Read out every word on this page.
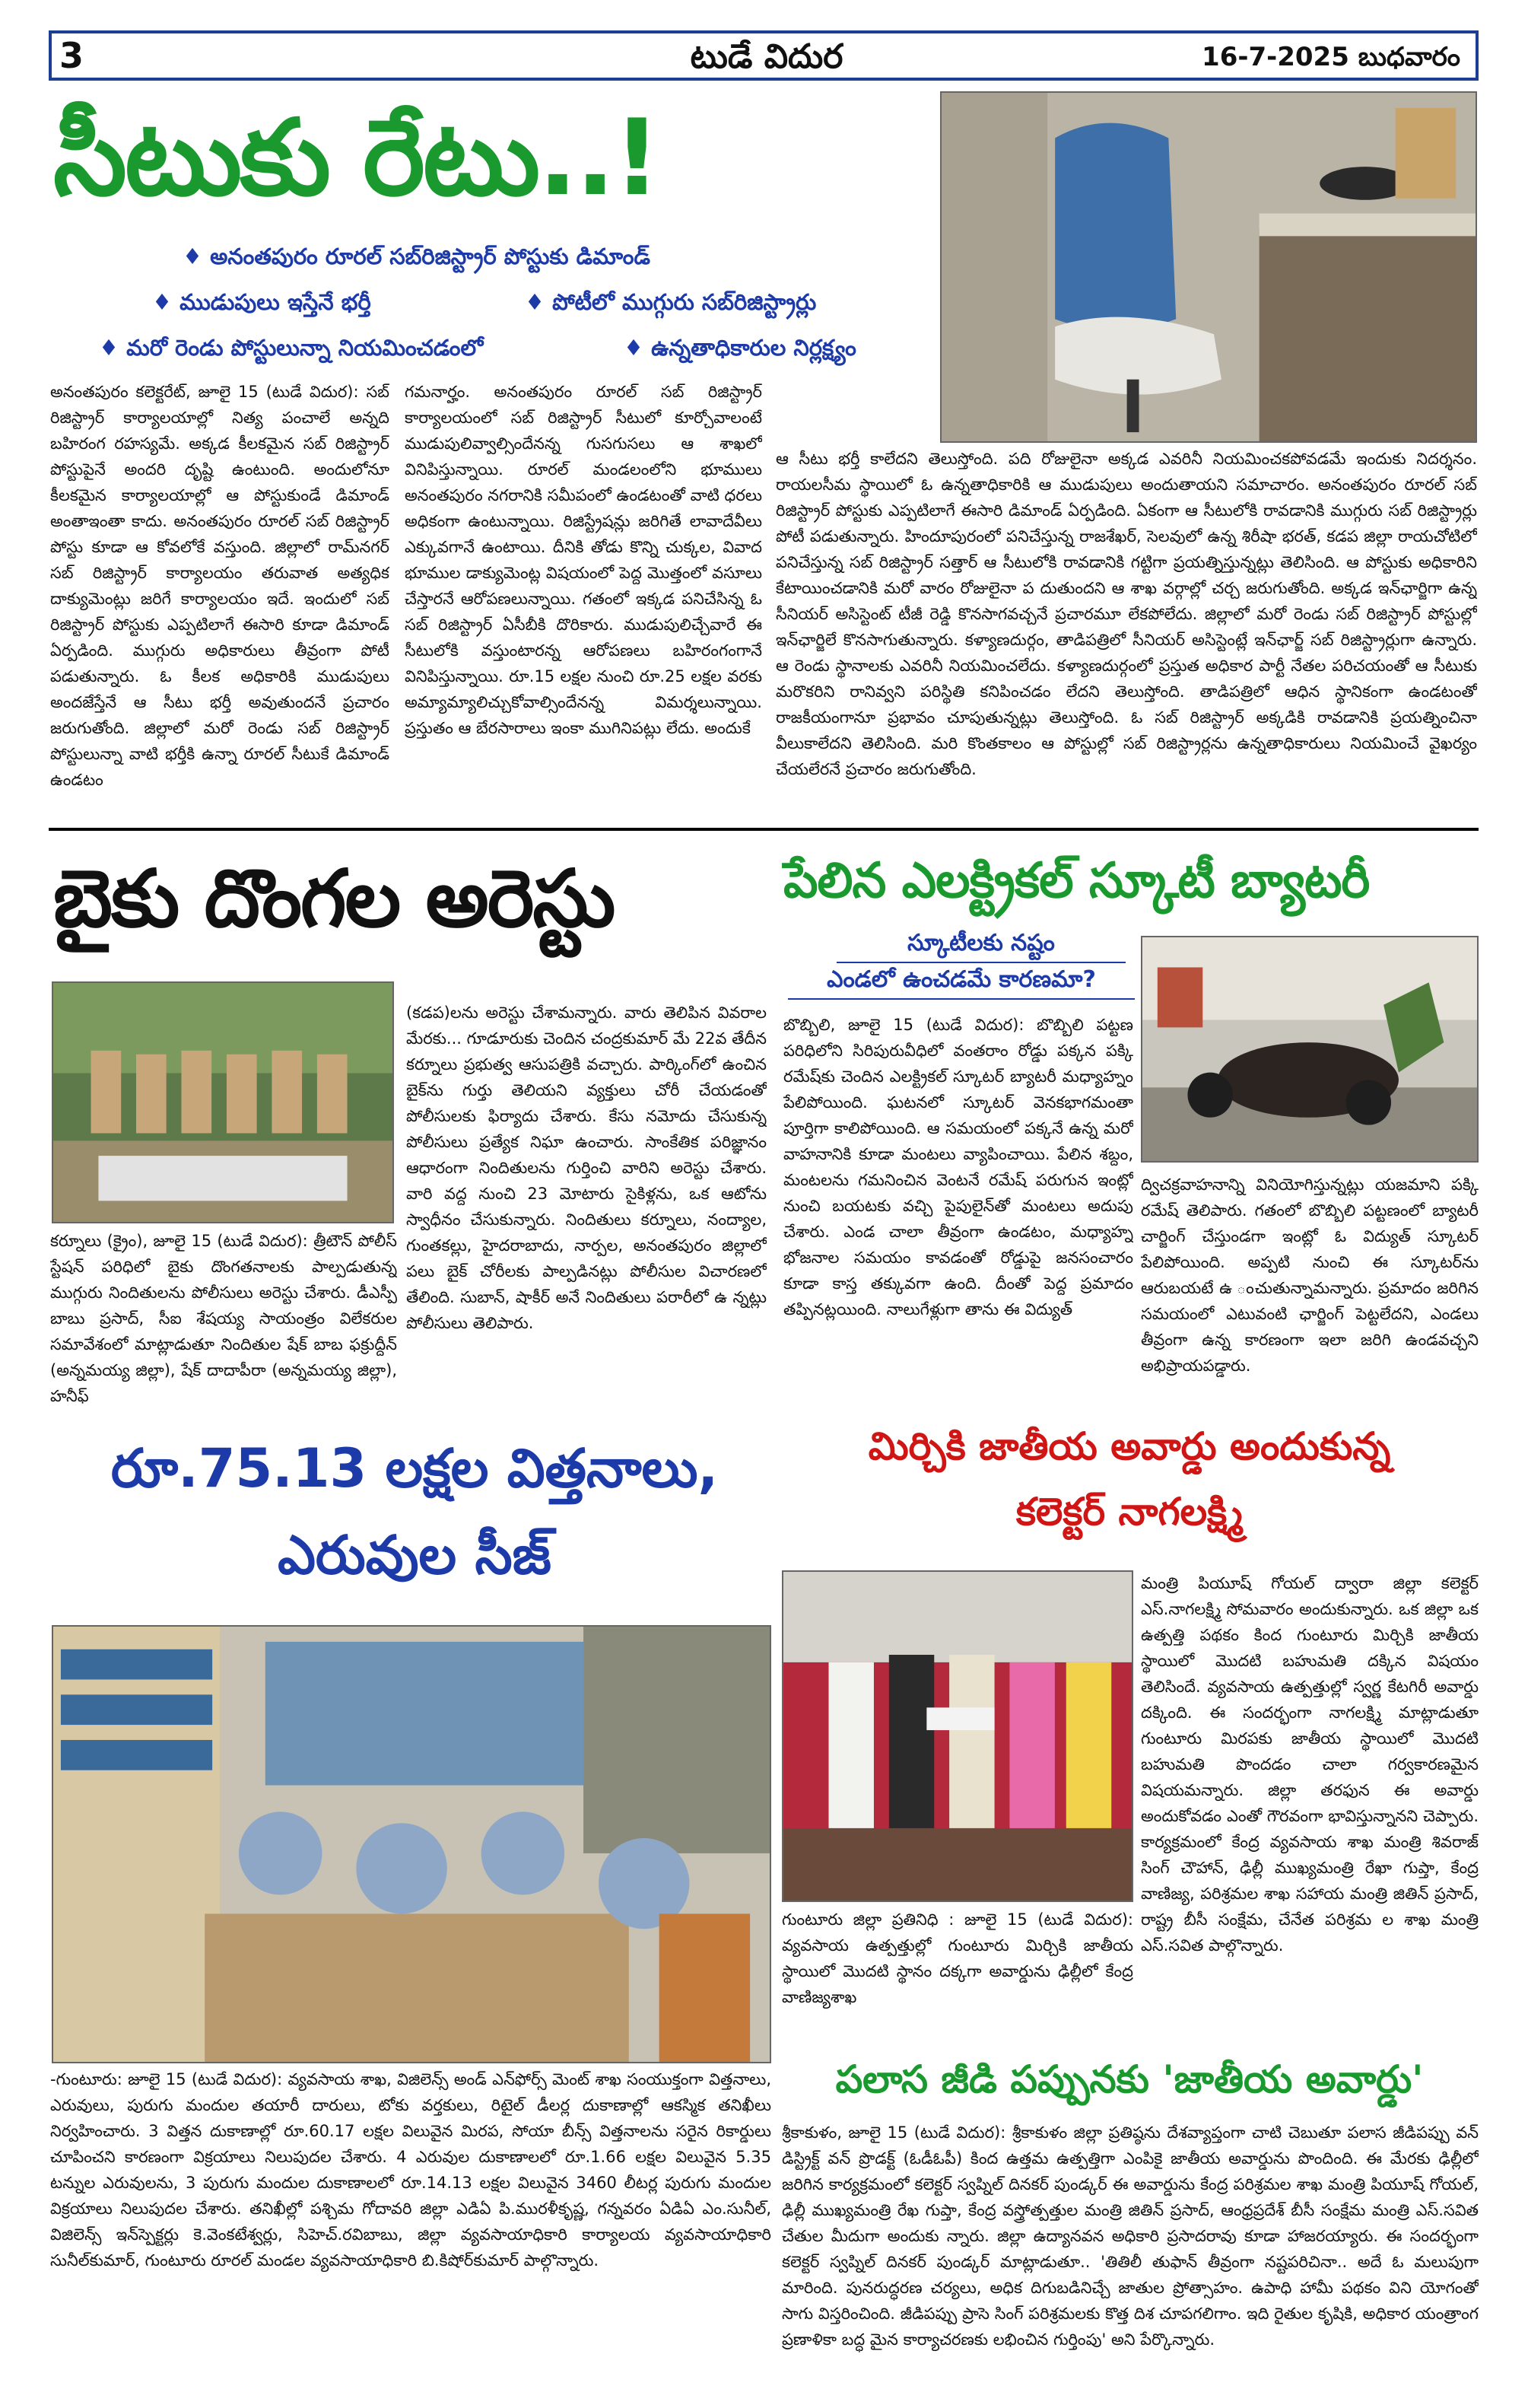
3	టుడే విదుర	16-7-2025 బుధవారం
సీటుకు రేటు..!
♦ అనంతపురం రూరల్ సబ్‌రిజిస్ట్రార్ పోస్టుకు డిమాండ్
♦ ముడుపులు ఇస్తేనే భర్తీ	♦ పోటీలో ముగ్గురు సబ్‌రిజిస్ట్రార్లు
♦ మరో రెండు పోస్టులున్నా నియమించడంలో	♦ ఉన్నతాధికారుల నిర్లక్ష్యం
అనంతపురం కలెక్టరేట్, జూలై 15 (టుడే విదుర): సబ్ రిజిస్ట్రార్ కార్యాలయాల్లో నిత్య పంచాలే అన్నది బహిరంగ రహస్యమే. అక్కడ కీలకమైన సబ్ రిజిస్ట్రార్ పోస్టుపైనే అందరి దృష్టి ఉంటుంది. అందులోనూ కీలకమైన కార్యాలయాల్లో ఆ పోస్టుకుండే డిమాండ్ అంతాఇంతా కాదు. అనంతపురం రూరల్ సబ్ రిజిస్ట్రార్ పోస్టు కూడా ఆ కోవలోకే వస్తుంది. జిల్లాలో రామ్‌నగర్ సబ్ రిజిస్ట్రార్ కార్యాలయం తరువాత అత్యధిక దాక్యుమెంట్లు జరిగే కార్యాలయం ఇదే. ఇందులో సబ్ రిజిస్ట్రార్ పోస్టుకు ఎప్పటిలాగే ఈసారి కూడా డిమాండ్ ఏర్పడింది. ముగ్గురు అధికారులు తీవ్రంగా పోటీ పడుతున్నారు. ఓ కీలక అధికారికి ముడుపులు అందజేస్తేనే ఆ సీటు భర్తీ అవుతుందనే ప్రచారం జరుగుతోంది. జిల్లాలో మరో రెండు సబ్ రిజిస్ట్రార్ పోస్టులున్నా వాటి భర్తీకి ఉన్నా రూరల్ సీటుకే డిమాండ్ ఉండటం
గమనార్హం. అనంతపురం రూరల్ సబ్ రిజిస్ట్రార్ కార్యాలయంలో సబ్ రిజిస్ట్రార్ సీటులో కూర్చోవాలంటే ముడుపులివ్వాల్సిందేనన్న గుసగుసలు ఆ శాఖలో వినిపిస్తున్నాయి. రూరల్ మండలంలోని భూములు అనంతపురం నగరానికి సమీపంలో ఉండటంతో వాటి ధరలు అధికంగా ఉంటున్నాయి. రిజిస్ట్రేషన్లు జరిగితే లావాదేవీలు ఎక్కువగానే ఉంటాయి. దీనికి తోడు కొన్ని చుక్కల, వివాద భూముల డాక్యుమెంట్ల విషయంలో పెద్ద మొత్తంలో వసూలు చేస్తారనే ఆరోపణలున్నాయి. గతంలో ఇక్కడ పనిచేసిన్న ఓ సబ్ రిజిస్ట్రార్ ఏసీబీకి దొరికారు. ముడుపులిచ్చేవారే ఈ సీటులోకి వస్తుంటారన్న ఆరోపణలు బహిరంగంగానే వినిపిస్తున్నాయి. రూ.15 లక్షల నుంచి రూ.25 లక్షల వరకు అమ్యామ్యాలిచ్చుకోవాల్సిందేనన్న విమర్శలున్నాయి. ప్రస్తుతం ఆ బేరసారాలు ఇంకా ముగినిపట్లు లేదు. అందుకే
ఆ సీటు భర్తీ కాలేదని తెలుస్తోంది. పది రోజులైనా అక్కడ ఎవరినీ నియమించకపోవడమే ఇందుకు నిదర్శనం. రాయలసీమ స్థాయిలో ఓ ఉన్నతాధికారికి ఆ ముడుపులు అందుతాయని సమాచారం. అనంతపురం రూరల్ సబ్ రిజిస్ట్రార్ పోస్టుకు ఎప్పటిలాగే ఈసారి డిమాండ్ ఏర్పడింది. ఏకంగా ఆ సీటులోకి రావడానికి ముగ్గురు సబ్ రిజిస్ట్రార్లు పోటీ పడుతున్నారు. హిందూపురంలో పనిచేస్తున్న రాజశేఖర్, సెలవులో ఉన్న శిరీషా భరత్, కడప జిల్లా రాయచోటిలో పనిచేస్తున్న సబ్ రిజిస్ట్రార్ సత్తార్ ఆ సీటులోకి రావడానికి గట్టిగా ప్రయత్నిస్తున్నట్లు తెలిసింది. ఆ పోస్టుకు అధికారిని కేటాయించడానికి మరో వారం రోజులైనా ప దుతుందని ఆ శాఖ వర్గాల్లో చర్చ జరుగుతోంది. అక్కడ ఇన్‌ఛార్జిగా ఉన్న సీనియర్ అసిస్టెంట్ టీజీ రెడ్డి కొనసాగవచ్చనే ప్రచారమూ లేకపోలేదు. జిల్లాలో మరో రెండు సబ్ రిజిస్ట్రార్ పోస్టుల్లో ఇన్‌ఛార్జిలే కొనసాగుతున్నారు. కళ్యాణదుర్గం, తాడిపత్రిలో సీనియర్ అసిస్టెంట్లే ఇన్‌ఛార్జ్ సబ్ రిజిస్ట్రార్లుగా ఉన్నారు. ఆ రెండు స్థానాలకు ఎవరినీ నియమించలేదు. కళ్యాణదుర్గంలో ప్రస్తుత అధికార పార్టీ నేతల పరిచయంతో ఆ సీటుకు మరొకరిని రానివ్వని పరిస్థితి కనిపించడం లేదని తెలుస్తోంది. తాడిపత్రిలో ఆధిన స్థానికంగా ఉండటంతో రాజకీయంగానూ ప్రభావం చూపుతున్నట్లు తెలుస్తోంది. ఓ సబ్ రిజిస్ట్రార్ అక్కడికి రావడానికి ప్రయత్నించినా వీలుకాలేదని తెలిసింది. మరి కొంతకాలం ఆ పోస్టుల్లో సబ్ రిజిస్ట్రార్లను ఉన్నతాధికారులు నియమించే వైఖర్యం చేయలేరనే ప్రచారం జరుగుతోంది.
బైకు దొంగల అరెస్టు
కర్నూలు (క్రైం), జూలై 15 (టుడే విదుర): త్రీటౌన్ పోలీస్ స్టేషన్ పరిధిలో బైకు దొంగతనాలకు పాల్పడుతున్న ముగ్గురు నిందితులను పోలీసులు అరెస్టు చేశారు. డీఎస్పీ బాబు ప్రసాద్, సీఐ శేషయ్య సాయంత్రం విలేకరుల సమావేశంలో మాట్లాడుతూ నిందితుల షేక్ బాబ ఫక్రుద్దీన్ (అన్నమయ్య జిల్లా), షేక్ దాదాపీరా (అన్నమయ్య జిల్లా), హనీఫ్
(కడప)లను అరెస్టు చేశామన్నారు. వారు తెలిపిన వివరాల మేరకు... గూడూరుకు చెందిన చంద్రకుమార్ మే 22వ తేదీన కర్నూలు ప్రభుత్వ ఆసుపత్రికి వచ్చారు. పార్కింగ్‌లో ఉంచిన బైక్‌ను గుర్తు తెలియని వ్యక్తులు చోరీ చేయడంతో పోలీసులకు ఫిర్యాదు చేశారు. కేసు నమోదు చేసుకున్న పోలీసులు ప్రత్యేక నిఘా ఉంచారు. సాంకేతిక పరిజ్ఞానం ఆధారంగా నిందితులను గుర్తించి వారిని అరెస్టు చేశారు. వారి వద్ద నుంచి 23 మోటారు సైకిళ్లను, ఒక ఆటోను స్వాధీనం చేసుకున్నారు. నిందితులు కర్నూలు, నంద్యాల, గుంతకల్లు, హైదరాబాదు, నార్పల, అనంతపురం జిల్లాలో పలు బైక్ చోరీలకు పాల్పడినట్లు పోలీసుల విచారణలో తేలింది. సుబాన్, షాకీర్ అనే నిందితులు పరారీలో ఉ న్నట్లు పోలీసులు తెలిపారు.
పేలిన ఎలక్ట్రికల్ స్కూటీ బ్యాటరీ
స్కూటీలకు నష్టం
ఎండలో ఉంచడమే కారణమా?
బొబ్బిలి, జూలై 15 (టుడే విదుర): బొబ్బిలి పట్టణ పరిధిలోని సిరిపురువీధిలో వంతరాం రోడ్డు పక్కన పక్కి రమేష్‌కు చెందిన ఎలక్ట్రికల్ స్కూటర్ బ్యాటరీ మధ్యాహ్నం పేలిపోయింది. ఘటనలో స్కూటర్ వెనకభాగమంతా పూర్తిగా కాలిపోయింది. ఆ సమయంలో పక్కనే ఉన్న మరో వాహనానికి కూడా మంటలు వ్యాపించాయి. పేలిన శబ్దం, మంటలను గమనించిన వెంటనే రమేష్ పరుగున ఇంట్లో నుంచి బయటకు వచ్చి పైపులైన్‌తో మంటలు అదుపు చేశారు. ఎండ చాలా తీవ్రంగా ఉండటం, మధ్యాహ్న భోజనాల సమయం కావడంతో రోడ్డుపై జనసంచారం కూడా కాస్త తక్కువగా ఉంది. దీంతో పెద్ద ప్రమాదం తప్పినట్లయింది. నాలుగేళ్లుగా తాను ఈ విద్యుత్
ద్విచక్రవాహనాన్ని వినియోగిస్తున్నట్లు యజమాని పక్కి రమేష్ తెలిపారు. గతంలో బొబ్బిలి పట్టణంలో బ్యాటరీ చార్జింగ్ చేస్తుండగా ఇంట్లో ఓ విద్యుత్ స్కూటర్ పేలిపోయింది. అప్పటి నుంచి ఈ స్కూటర్‌ను ఆరుబయటే ఉ ంచుతున్నామన్నారు. ప్రమాదం జరిగిన సమయంలో ఎటువంటి ఛార్జింగ్ పెట్టలేదని, ఎండలు తీవ్రంగా ఉన్న కారణంగా ఇలా జరిగి ఉండవచ్చని అభిప్రాయపడ్డారు.
రూ.75.13 లక్షల విత్తనాలు,
ఎరువుల సీజ్
-గుంటూరు: జూలై 15 (టుడే విదుర): వ్యవసాయ శాఖ, విజిలెన్స్ అండ్ ఎన్‌ఫోర్స్ మెంట్ శాఖ సంయుక్తంగా విత్తనాలు, ఎరువులు, పురుగు మందుల తయారీ దారులు, టోకు వర్తకులు, రిటైల్ డీలర్ల దుకాణాల్లో ఆకస్మిక తనిఖీలు నిర్వహించారు. 3 విత్తన దుకాణాల్లో రూ.60.17 లక్షల విలువైన మిరప, సోయా బీన్స్ విత్తనాలను సరైన రికార్డులు చూపించని కారణంగా విక్రయాలు నిలుపుదల చేశారు. 4 ఎరువుల దుకాణాలలో రూ.1.66 లక్షల విలువైన 5.35 టన్నుల ఎరువులను, 3 పురుగు మందుల దుకాణాలలో రూ.14.13 లక్షల విలువైన 3460 లీటర్ల పురుగు మందుల విక్రయాలు నిలుపుదల చేశారు. తనిఖీల్లో పశ్చిమ గోదావరి జిల్లా ఎడిఏ పి.మురళీకృష్ణ, గన్నవరం ఏడిఏ ఎం.సునీల్, విజిలెన్స్ ఇన్‌స్పెక్టర్లు కె.వెంకటేశ్వర్లు, సిహెచ్.రవిబాబు, జిల్లా వ్యవసాయాధికారి కార్యాలయ వ్యవసాయాధికారి సునీల్‌కుమార్, గుంటూరు రూరల్ మండల వ్యవసాయాధికారి బి.కిషోర్‌కుమార్ పాల్గొన్నారు.
మిర్చికి జాతీయ అవార్డు అందుకున్న
కలెక్టర్ నాగలక్ష్మి
మంత్రి పియూష్ గోయల్ ద్వారా జిల్లా కలెక్టర్ ఎస్.నాగలక్ష్మి సోమవారం అందుకున్నారు. ఒక జిల్లా ఒక ఉత్పత్తి పథకం కింద గుంటూరు మిర్చికి జాతీయ స్థాయిలో మొదటి బహుమతి దక్కిన విషయం తెలిసిందే. వ్యవసాయ ఉత్పత్తుల్లో స్వర్ణ కేటగిరీ అవార్డు దక్కింది. ఈ సందర్భంగా నాగలక్ష్మి మాట్లాడుతూ గుంటూరు మిరపకు జాతీయ స్థాయిలో మొదటి బహుమతి పొందడం చాలా గర్వకారణమైన విషయమన్నారు. జిల్లా తరఫున ఈ అవార్డు అందుకోవడం ఎంతో గౌరవంగా భావిస్తున్నానని చెప్పారు. కార్యక్రమంలో కేంద్ర వ్యవసాయ శాఖ మంత్రి శివరాజ్ సింగ్ చౌహాన్, ఢిల్లీ ముఖ్యమంత్రి రేఖా గుప్తా, కేంద్ర వాణిజ్య, పరిశ్రమల శాఖ సహాయ మంత్రి జితిన్ ప్రసాద్, రాష్ట్ర బీసీ సంక్షేమ, చేనేత పరిశ్రమ ల శాఖ మంత్రి ఎస్.సవిత పాల్గొన్నారు.
గుంటూరు జిల్లా ప్రతినిధి : జూలై 15 (టుడే విదుర): వ్యవసాయ ఉత్పత్తుల్లో గుంటూరు మిర్చికి జాతీయ స్థాయిలో మొదటి స్థానం దక్కగా అవార్డును ఢిల్లీలో కేంద్ర వాణిజ్యశాఖ
పలాస జీడి పప్పునకు 'జాతీయ అవార్డు'
శ్రీకాకుళం, జూలై 15 (టుడే విదుర): శ్రీకాకుళం జిల్లా ప్రతిష్ఠను దేశవ్యాప్తంగా చాటి చెబుతూ పలాస జీడిపప్పు వన్ డిస్ట్రిక్ట్ వన్ ప్రొడక్ట్ (ఓడీఓపీ) కింద ఉత్తమ ఉత్పత్తిగా ఎంపికై జాతీయ అవార్డును పొందింది. ఈ మేరకు ఢిల్లీలో జరిగిన కార్యక్రమంలో కలెక్టర్ స్వప్నిల్ దినకర్ పుండ్కర్ ఈ అవార్డును కేంద్ర పరిశ్రమల శాఖ మంత్రి పియూష్ గోయల్, ఢిల్లీ ముఖ్యమంత్రి రేఖ గుప్తా, కేంద్ర వస్త్రోత్పత్తుల మంత్రి జితిన్ ప్రసాద్, ఆంధ్రప్రదేశ్ బీసీ సంక్షేమ మంత్రి ఎస్.సవిత చేతుల మీదుగా అందుకు న్నారు. జిల్లా ఉద్యానవన అధికారి ప్రసాదరావు కూడా హాజరయ్యారు. ఈ సందర్భంగా కలెక్టర్ స్వప్నిల్ దినకర్ పుండ్కర్ మాట్లాడుతూ.. 'తితిలీ తుఫాన్ తీవ్రంగా నష్టపరిచినా.. అదే ఓ మలుపుగా మారింది. పునరుద్ధరణ చర్యలు, అధిక దిగుబడినిచ్చే జాతుల ప్రోత్సాహం. ఉపాధి హామీ పథకం విని యోగంతో సాగు విస్తరించింది. జీడిపప్పు ప్రాసె సింగ్ పరిశ్రమలకు కొత్త దిశ చూపగలిగాం. ఇది రైతుల కృషికి, అధికార యంత్రాంగ ప్రణాళికా బద్ధ మైన కార్యాచరణకు లభించిన గుర్తింపు' అని పేర్కొన్నారు.
